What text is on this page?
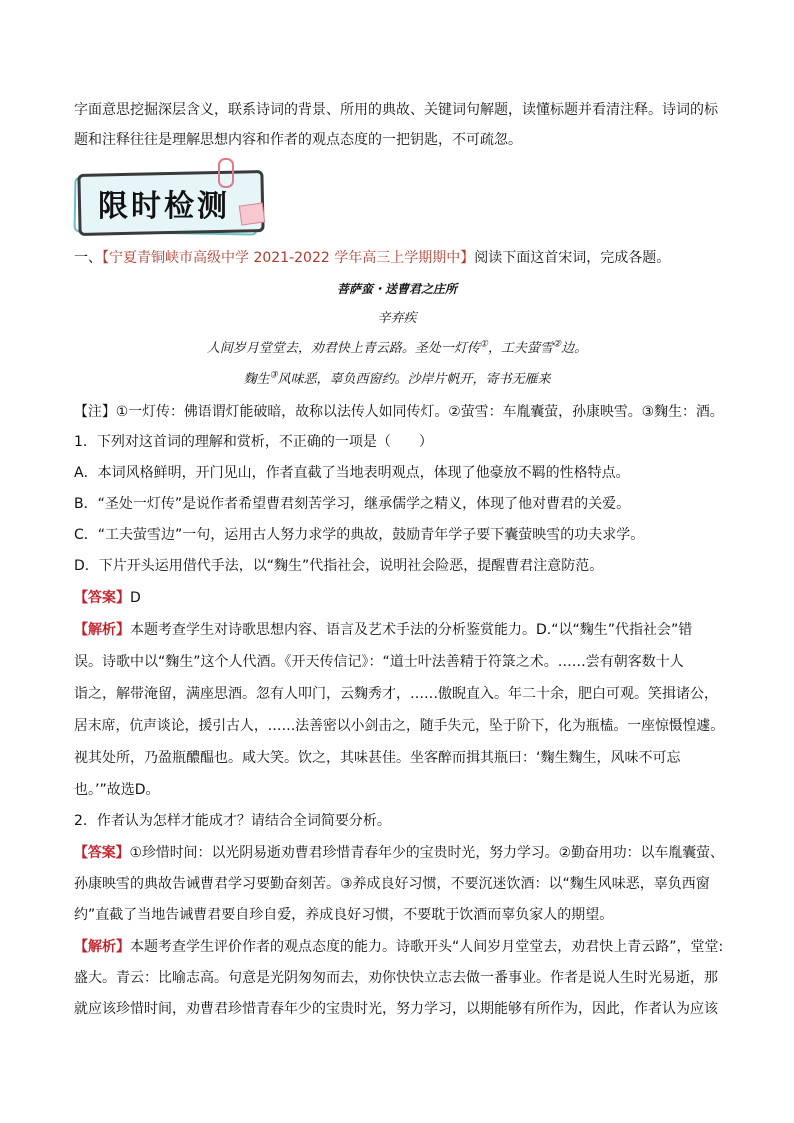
字面意思挖掘深层含义，联系诗词的背景、所用的典故、关键词句解题，读懂标题并看清注释。诗词的标
题和注释往往是理解思想内容和作者的观点态度的一把钥匙，不可疏忽。
限时检测
一、【宁夏青铜峡市高级中学 2021-2022 学年高三上学期期中】阅读下面这首宋词，完成各题。
菩萨蛮・送曹君之庄所
辛弃疾
人间岁月堂堂去，劝君快上青云路。圣处一灯传①，工夫萤雪②边。
麴生③风味恶，辜负西窗约。沙岸片帆开，寄书无雁来
【注】①一灯传：佛语谓灯能破暗，故称以法传人如同传灯。②萤雪：车胤囊萤，孙康映雪。③麴生：酒。
1．下列对这首词的理解和赏析，不正确的一项是（　　）
A．本词风格鲜明，开门见山，作者直截了当地表明观点，体现了他豪放不羁的性格特点。
B．“圣处一灯传”是说作者希望曹君刻苦学习，继承儒学之精义，体现了他对曹君的关爱。
C．“工夫萤雪边”一句，运用古人努力求学的典故，鼓励青年学子要下囊萤映雪的功夫求学。
D．下片开头运用借代手法，以“麴生”代指社会，说明社会险恶，提醒曹君注意防范。
【答案】D
【解析】本题考查学生对诗歌思想内容、语言及艺术手法的分析鉴赏能力。D.“以“麴生”代指社会”错
误。诗歌中以“麴生”这个人代酒。《开天传信记》：“道士叶法善精于符箓之术。……尝有朝客数十人
诣之，解带淹留，满座思酒。忽有人叩门，云麴秀才，……傲睨直入。年二十余，肥白可观。笑揖诸公，
居末席，伉声谈论，援引古人，……法善密以小剑击之，随手失元，坠于阶下，化为瓶榼。一座惊慑惶遽。
视其处所，乃盈瓶醲醖也。咸大笑。饮之，其味甚佳。坐客醉而揖其瓶曰：‘麴生麴生，风味不可忘
也。’”故选D。
2．作者认为怎样才能成才？请结合全词简要分析。
【答案】①珍惜时间：以光阴易逝劝曹君珍惜青春年少的宝贵时光，努力学习。②勤奋用功：以车胤囊萤、
孙康映雪的典故告诫曹君学习要勤奋刻苦。③养成良好习惯，不要沉迷饮酒：以“麴生风味恶，辜负西窗
约”直截了当地告诫曹君要自珍自爱，养成良好习惯，不要耽于饮酒而辜负家人的期望。
【解析】本题考查学生评价作者的观点态度的能力。诗歌开头“人间岁月堂堂去，劝君快上青云路”，堂堂:
盛大。青云：比喻志高。句意是光阴匆匆而去，劝你快快立志去做一番事业。作者是说人生时光易逝，那
就应该珍惜时间，劝曹君珍惜青春年少的宝贵时光，努力学习，以期能够有所作为，因此，作者认为应该
